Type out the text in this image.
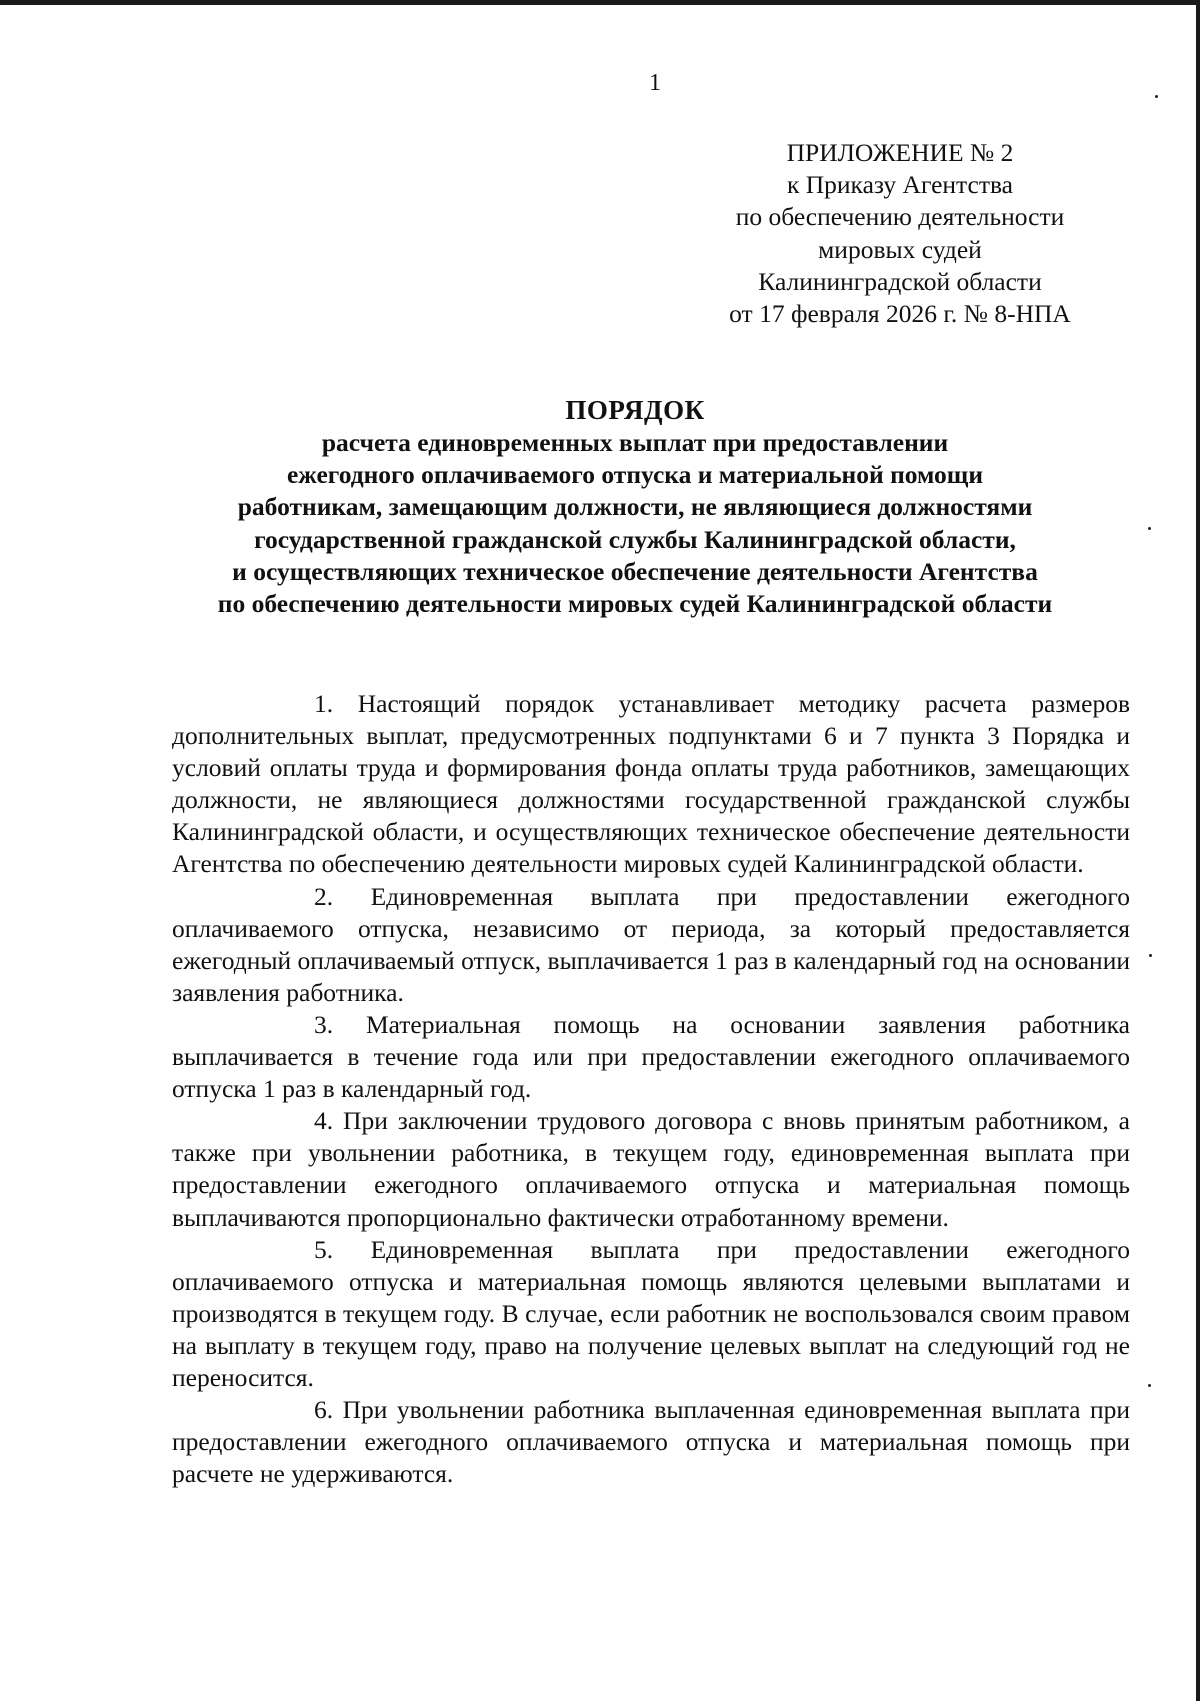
1
ПРИЛОЖЕНИЕ № 2
к Приказу Агентства
по обеспечению деятельности
мировых судей
Калининградской области
от 17 февраля 2026 г. № 8-НПА
ПОРЯДОК
расчета единовременных выплат при предоставлении
ежегодного оплачиваемого отпуска и материальной помощи
работникам, замещающим должности, не являющиеся должностями
государственной гражданской службы Калининградской области,
и осуществляющих техническое обеспечение деятельности Агентства
по обеспечению деятельности мировых судей Калининградской области

1. Настоящий порядок устанавливает методику расчета размеров дополнительных выплат, предусмотренных подпунктами 6 и 7 пункта 3 Порядка и условий оплаты труда и формирования фонда оплаты труда работников, замещающих должности, не являющиеся должностями государственной гражданской службы Калининградской области, и осуществляющих техническое обеспечение деятельности Агентства по обеспечению деятельности мировых судей Калининградской области.

2. Единовременная выплата при предоставлении ежегодного оплачиваемого отпуска, независимо от периода, за который предоставляется ежегодный оплачиваемый отпуск, выплачивается 1 раз в календарный год на основании заявления работника.

3. Материальная помощь на основании заявления работника выплачивается в течение года или при предоставлении ежегодного оплачиваемого отпуска 1 раз в календарный год.

4. При заключении трудового договора с вновь принятым работником, а также при увольнении работника, в текущем году, единовременная выплата при предоставлении ежегодного оплачиваемого отпуска и материальная помощь выплачиваются пропорционально фактически отработанному времени.

5. Единовременная выплата при предоставлении ежегодного оплачиваемого отпуска и материальная помощь являются целевыми выплатами и производятся в текущем году. В случае, если работник не воспользовался своим правом на выплату в текущем году, право на получение целевых выплат на следующий год не переносится.

6. При увольнении работника выплаченная единовременная выплата при предоставлении ежегодного оплачиваемого отпуска и материальная помощь при расчете не удерживаются.
